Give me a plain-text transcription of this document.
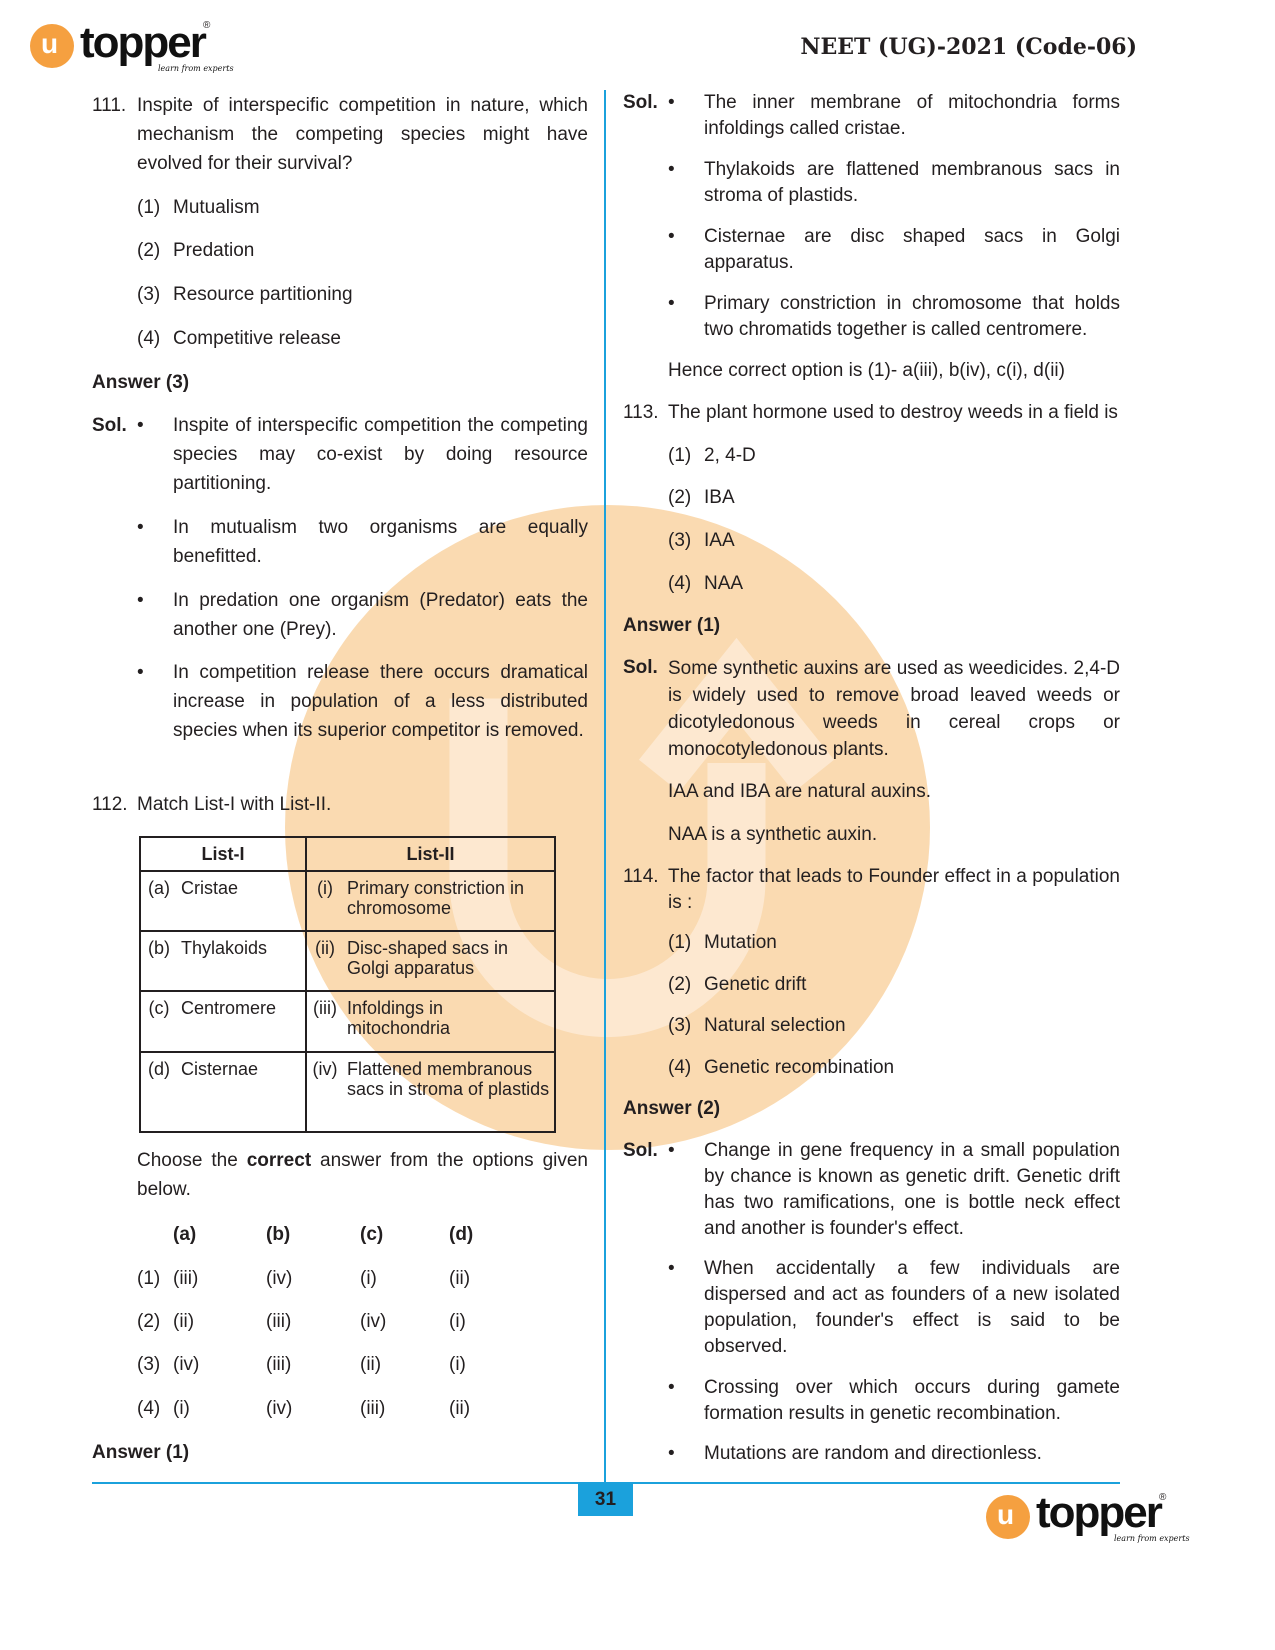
u topper
®
learn from experts
NEET (UG)-2021 (Code-06)
31	u topper
®
learn from experts
111. Inspite of interspecific competition in nature, which mechanism the competing species might have evolved for their survival?
(1) Mutualism
(2) Predation
(3) Resource partitioning
(4) Competitive release
Answer (3)
Sol. • Inspite of interspecific competition the competing species may co-exist by doing resource partitioning.
• In mutualism two organisms are equally benefitted.
• In predation one organism (Predator) eats the another one (Prey).
• In competition release there occurs dramatical increase in population of a less distributed species when its superior competitor is removed.
112. Match List-I with List-II.
List-I		List-II	
(a)	Cristae	(i)	Primary constriction in chromosome
(b)	Thylakoids	(ii)	Disc-shaped sacs in Golgi apparatus
(c)	Centromere	(iii)	Infoldings in mitochondria
(d)	Cisternae	(iv)	Flattened membranous sacs in stroma of plastids
Choose the correct answer from the options given below.
(a)	(b)	(c)	(d)
(1) (iii)	(iv)	(i)	(ii)
(2) (ii)	(iii)	(iv)	(i)
(3) (iv)	(iii)	(ii)	(i)
(4) (i)	(iv)	(iii)	(ii)
Answer (1)
Sol. • The inner membrane of mitochondria forms infoldings called cristae.
• Thylakoids are flattened membranous sacs in stroma of plastids.
• Cisternae are disc shaped sacs in Golgi apparatus.
• Primary constriction in chromosome that holds two chromatids together is called centromere.
Hence correct option is (1)- a(iii), b(iv), c(i), d(ii)
113. The plant hormone used to destroy weeds in a field is
(1) 2, 4-D
(2) IBA
(3) IAA
(4) NAA
Answer (1)
Sol. Some synthetic auxins are used as weedicides. 2,4-D is widely used to remove broad leaved weeds or dicotyledonous weeds in cereal crops or monocotyledonous plants.
IAA and IBA are natural auxins.
NAA is a synthetic auxin.
114. The factor that leads to Founder effect in a population is :
(1) Mutation
(2) Genetic drift
(3) Natural selection
(4) Genetic recombination
Answer (2)
Sol. • Change in gene frequency in a small population by chance is known as genetic drift. Genetic drift has two ramifications, one is bottle neck effect and another is founder's effect.
• When accidentally a few individuals are dispersed and act as founders of a new isolated population, founder's effect is said to be observed.
• Crossing over which occurs during gamete formation results in genetic recombination.
• Mutations are random and directionless.
